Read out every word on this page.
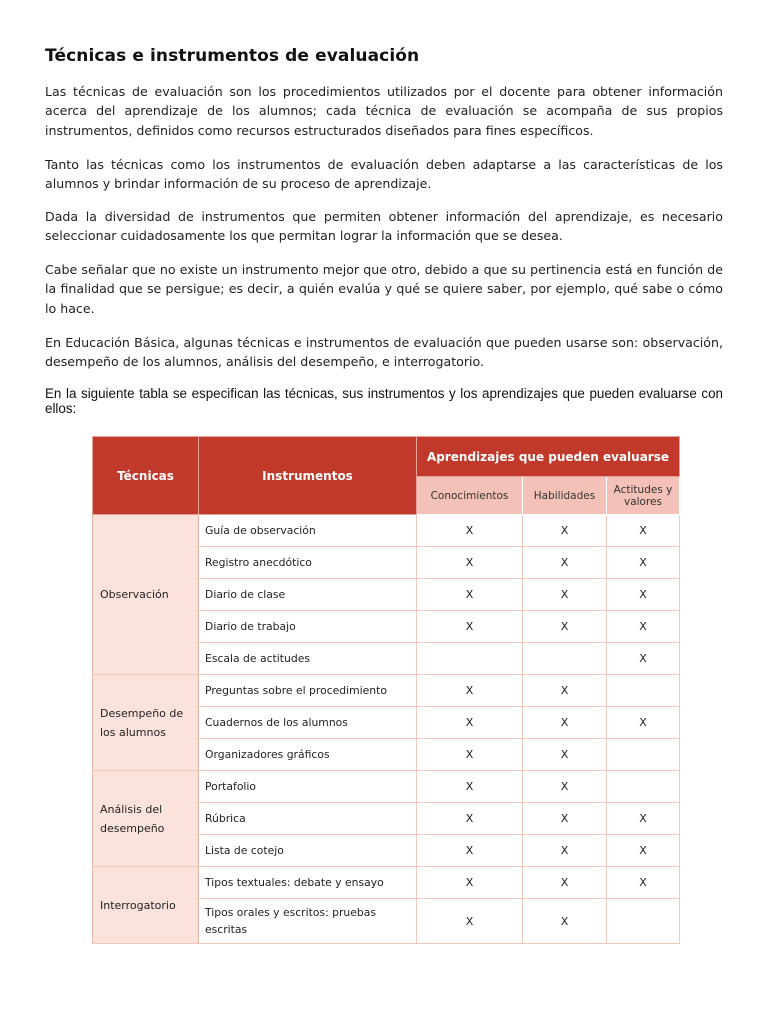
Técnicas e instrumentos de evaluación

Las técnicas de evaluación son los procedimientos utilizados por el docente para obtener información acerca del aprendizaje de los alumnos; cada técnica de evaluación se acompaña de sus propios instrumentos, definidos como recursos estructurados diseñados para fines específicos.

Tanto las técnicas como los instrumentos de evaluación deben adaptarse a las características de los alumnos y brindar información de su proceso de aprendizaje.

Dada la diversidad de instrumentos que permiten obtener información del aprendizaje, es necesario seleccionar cuidadosamente los que permitan lograr la información que se desea.

Cabe señalar que no existe un instrumento mejor que otro, debido a que su pertinencia está en función de la finalidad que se persigue; es decir, a quién evalúa y qué se quiere saber, por ejemplo, qué sabe o cómo lo hace.

En Educación Básica, algunas técnicas e instrumentos de evaluación que pueden usarse son: observación, desempeño de los alumnos, análisis del desempeño, e interrogatorio.

En la siguiente tabla se especifican las técnicas, sus instrumentos y los aprendizajes que pueden evaluarse con ellos:

Técnicas	Instrumentos	Aprendizajes que pueden evaluarse		
		Conocimientos	Habilidades	Actitudes y valores
Observación	Guía de observación	X	X	X
	Registro anecdótico	X	X	X
	Diario de clase	X	X	X
	Diario de trabajo	X	X	X
	Escala de actitudes			X
Desempeño de los alumnos	Preguntas sobre el procedimiento	X	X	
	Cuadernos de los alumnos	X	X	X
	Organizadores gráficos	X	X	
Análisis del desempeño	Portafolio	X	X	
	Rúbrica	X	X	X
	Lista de cotejo	X	X	X
Interrogatorio	Tipos textuales: debate y ensayo	X	X	X
	Tipos orales y escritos: pruebas escritas	X	X	
